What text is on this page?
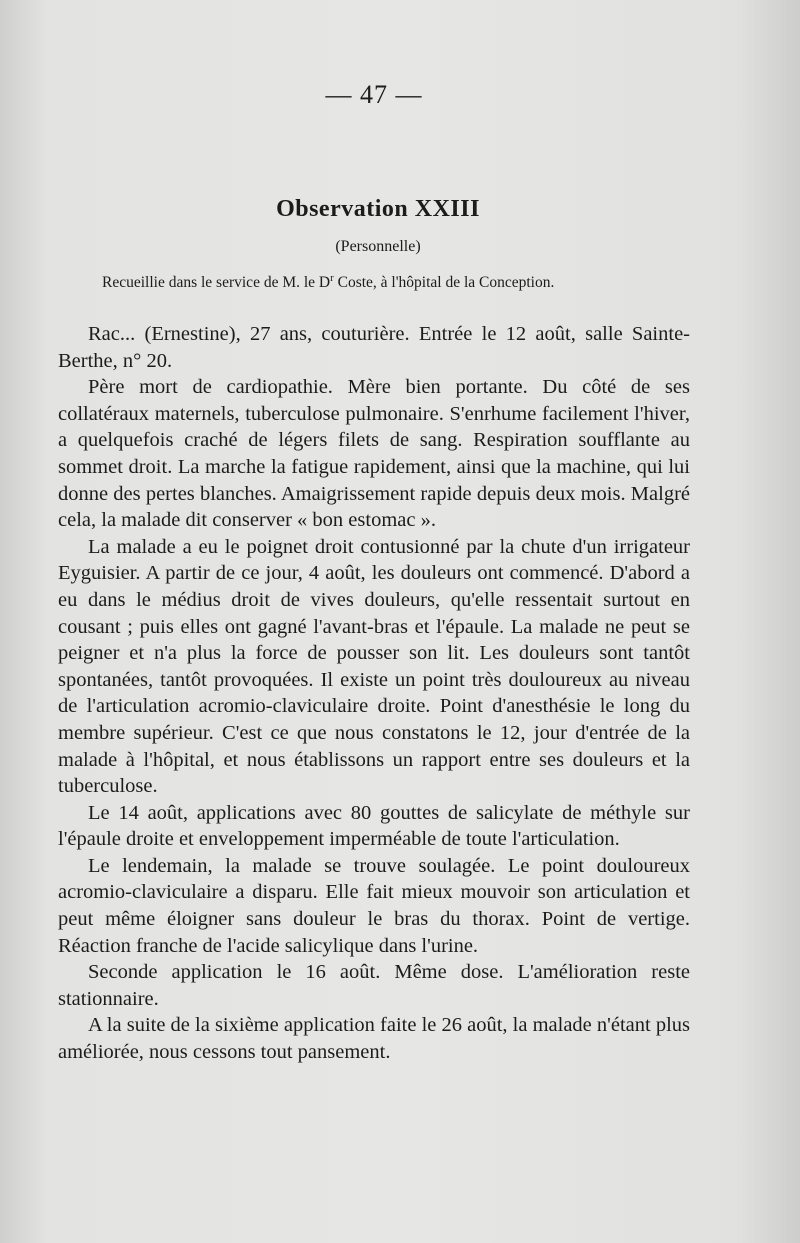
— 47 —
Observation XXIII
(Personnelle)
Recueillie dans le service de M. le $D^r$ Coste, à l'hôpital de la Conception.

Rac... (Ernestine), 27 ans, couturière. Entrée le 12 août, salle Sainte-Berthe, n° 20.

Père mort de cardiopathie. Mère bien portante. Du côté de ses collatéraux maternels, tuberculose pulmonaire. S'enrhume facilement l'hiver, a quelquefois craché de légers filets de sang. Respiration soufflante au sommet droit. La marche la fatigue rapidement, ainsi que la machine, qui lui donne des pertes blanches. Amaigrissement rapide depuis deux mois. Malgré cela, la malade dit conserver « bon estomac ».

La malade a eu le poignet droit contusionné par la chute d'un irrigateur Eyguisier. A partir de ce jour, 4 août, les douleurs ont commencé. D'abord a eu dans le médius droit de vives douleurs, qu'elle ressentait surtout en cousant ; puis elles ont gagné l'avant-bras et l'épaule. La malade ne peut se peigner et n'a plus la force de pousser son lit. Les douleurs sont tantôt spontanées, tantôt provoquées. Il existe un point très douloureux au niveau de l'articulation acromio-claviculaire droite. Point d'anesthésie le long du membre supérieur. C'est ce que nous constatons le 12, jour d'entrée de la malade à l'hôpital, et nous établissons un rapport entre ses douleurs et la tuberculose.

Le 14 août, applications avec 80 gouttes de salicylate de méthyle sur l'épaule droite et enveloppement imperméable de toute l'articulation.

Le lendemain, la malade se trouve soulagée. Le point douloureux acromio-claviculaire a disparu. Elle fait mieux mouvoir son articulation et peut même éloigner sans douleur le bras du thorax. Point de vertige. Réaction franche de l'acide salicylique dans l'urine.

Seconde application le 16 août. Même dose. L'amélioration reste stationnaire.

A la suite de la sixième application faite le 26 août, la malade n'étant plus améliorée, nous cessons tout pansement.
